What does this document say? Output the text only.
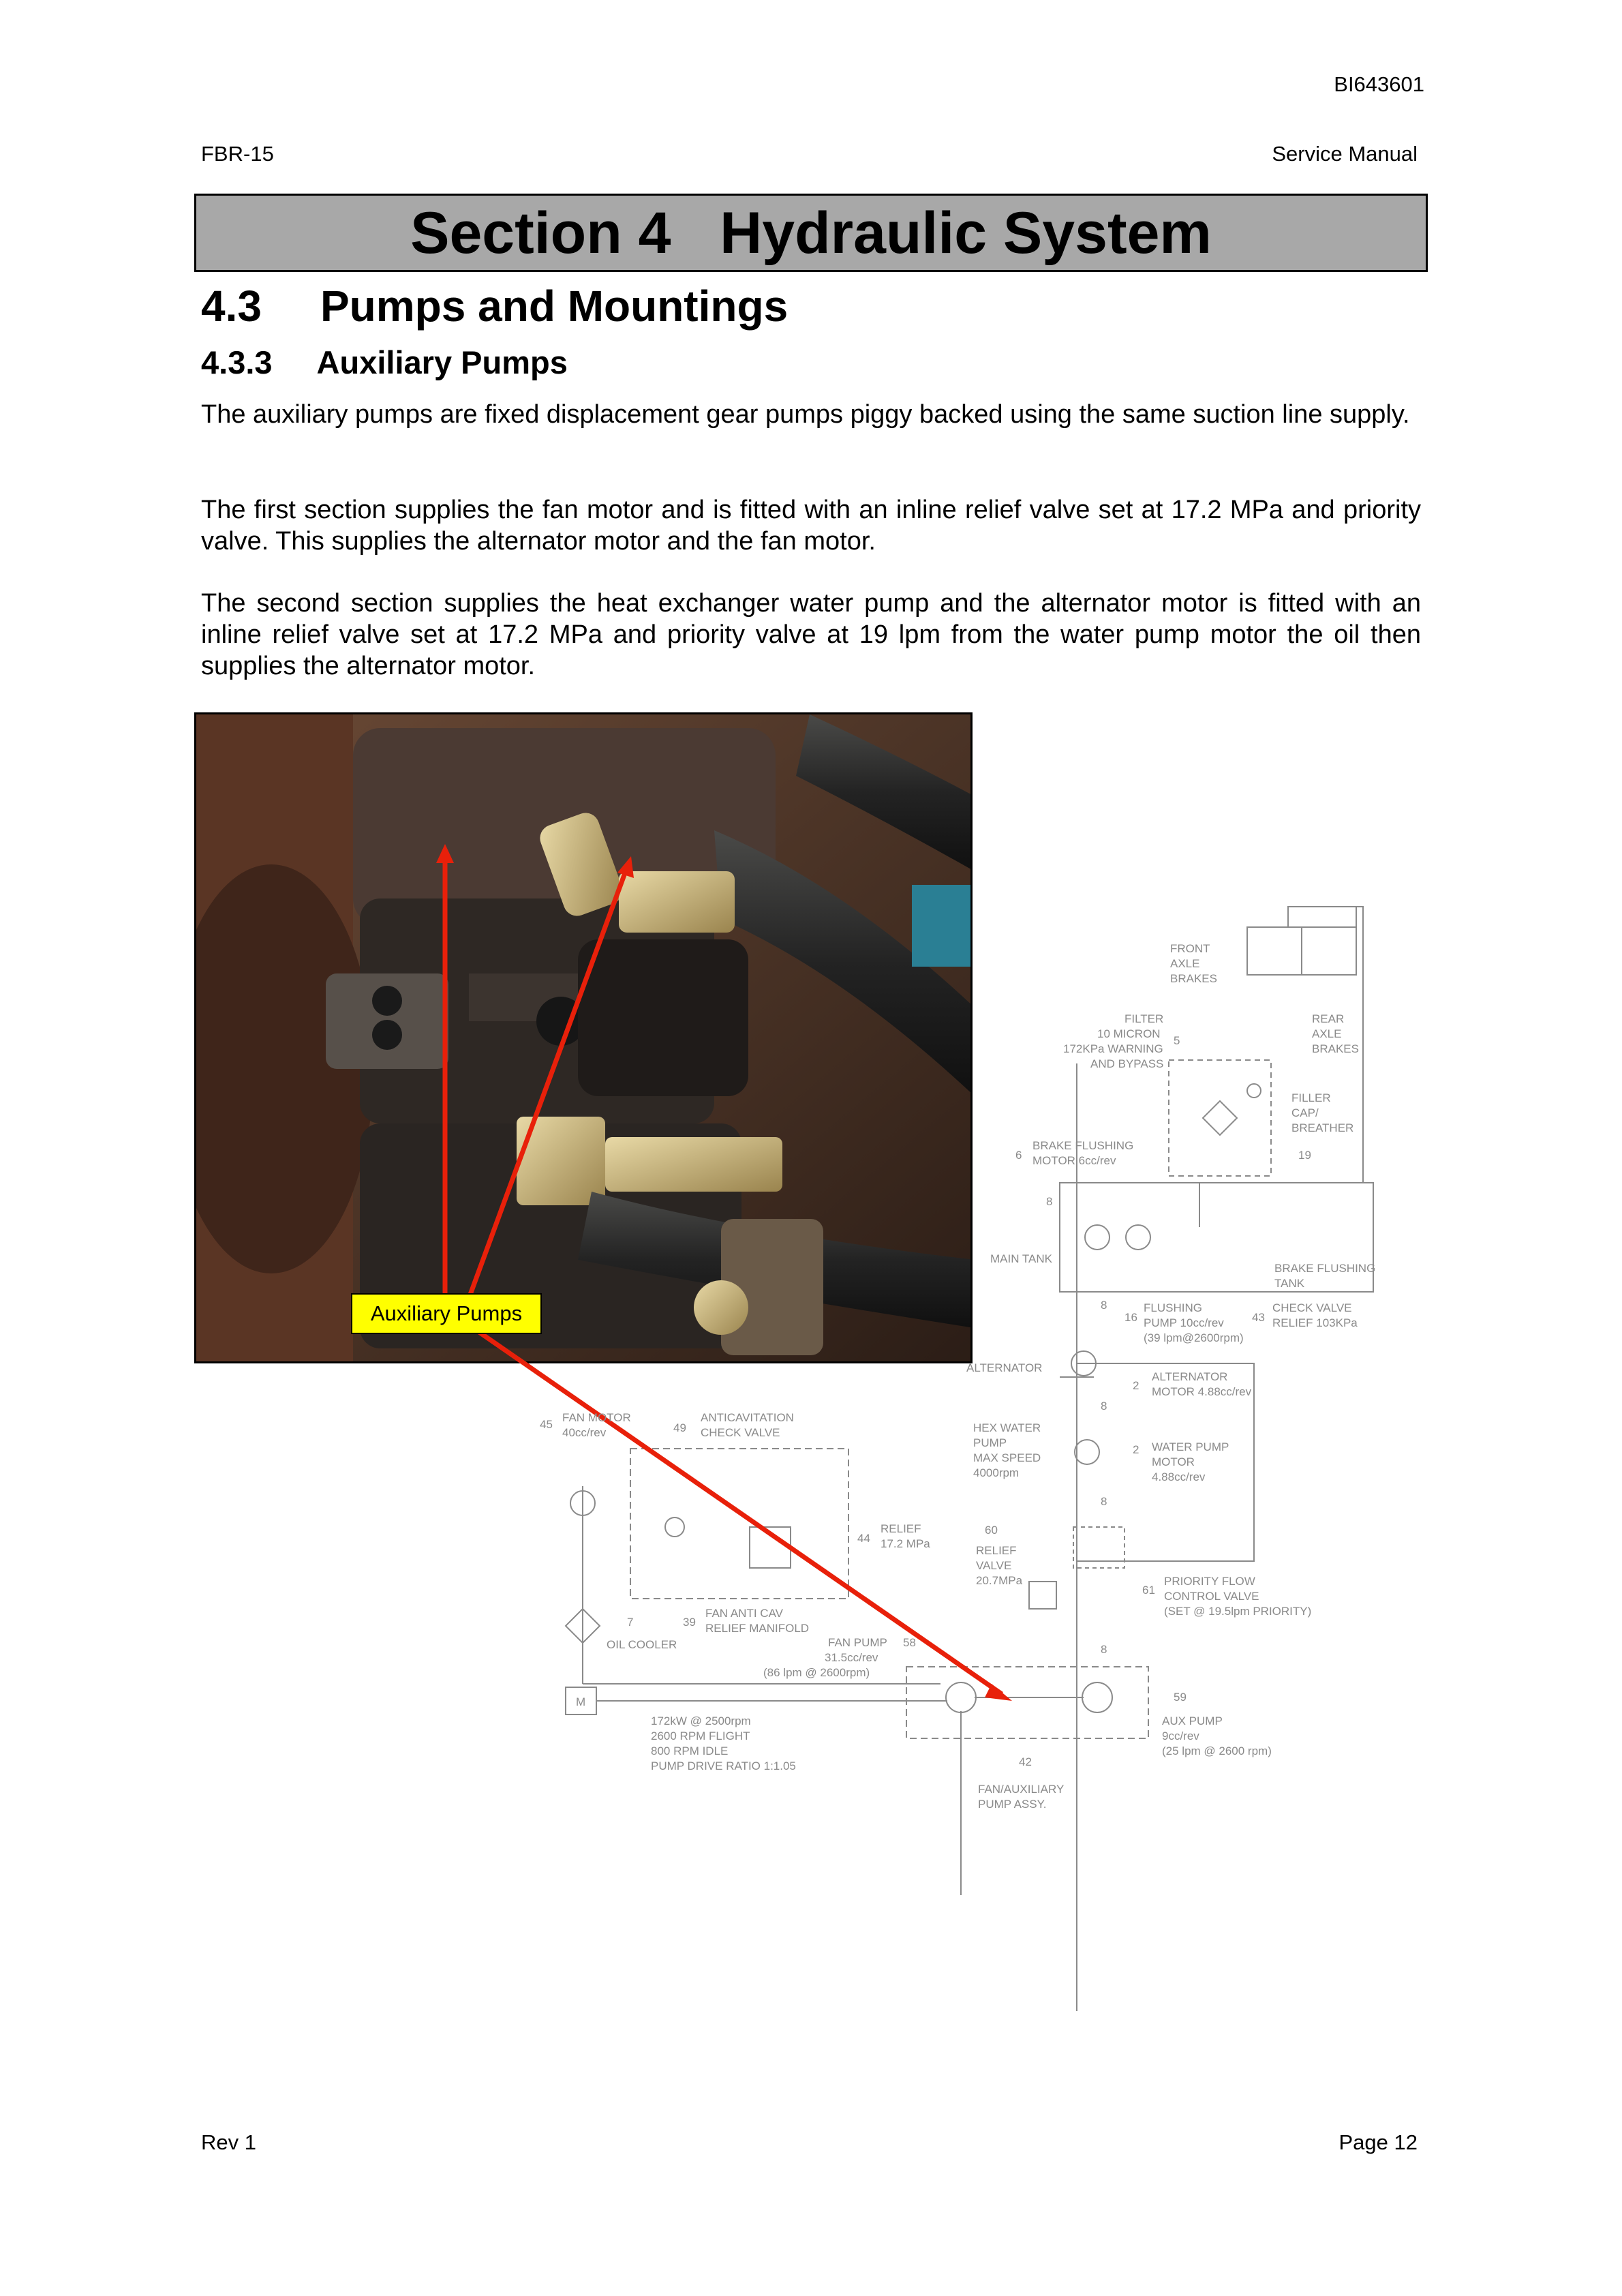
BI643601
FBR-15	Service Manual
Section 4   Hydraulic System
4.3 Pumps and Mountings
4.3.3 Auxiliary Pumps
The auxiliary pumps are fixed displacement gear pumps piggy backed using the same suction line supply.
The first section supplies the fan motor and is fitted with an inline relief valve set at 17.2 MPa and priority valve. This supplies the alternator motor and the fan motor.
The second section supplies the heat exchanger water pump and the alternator motor is fitted with an inline relief valve set at 17.2 MPa and priority valve at 19 lpm from the water pump motor the oil then supplies the alternator motor.
FRONT AXLE BRAKES
REAR AXLE BRAKES
FILTER 10 MICRON 172KPa WARNING AND BYPASS
5
FILLER CAP/ BREATHER
19
BRAKE FLUSHING MOTOR 6cc/rev
6
MAIN TANK
BRAKE FLUSHING TANK
FLUSHING PUMP 10cc/rev (39 lpm@2600rpm)
16
CHECK VALVE RELIEF 103KPa
43
ALTERNATOR
ALTERNATOR MOTOR 4.88cc/rev
2
FAN MOTOR 40cc/rev
45
ANTICAVITATION CHECK VALVE
49	HEX WATER PUMP MAX SPEED 4000rpm
WATER PUMP MOTOR 4.88cc/rev
2
RELIEF 17.2 MPa
44
RELIEF VALVE 20.7MPa
60
PRIORITY FLOW CONTROL VALVE (SET @ 19.5lpm PRIORITY)
61
OIL COOLER
7
FAN ANTI CAV RELIEF MANIFOLD
39
FAN PUMP 31.5cc/rev (86 lpm @ 2600rpm)
58
172kW @ 2500rpm 2600 RPM FLIGHT 800 RPM IDLE PUMP DRIVE RATIO 1:1.05
M
AUX PUMP 9cc/rev (25 lpm @ 2600 rpm)
59
FAN/AUXILIARY PUMP ASSY.
42
8
8
8
8
8
Auxiliary Pumps
Rev 1	Page 12
